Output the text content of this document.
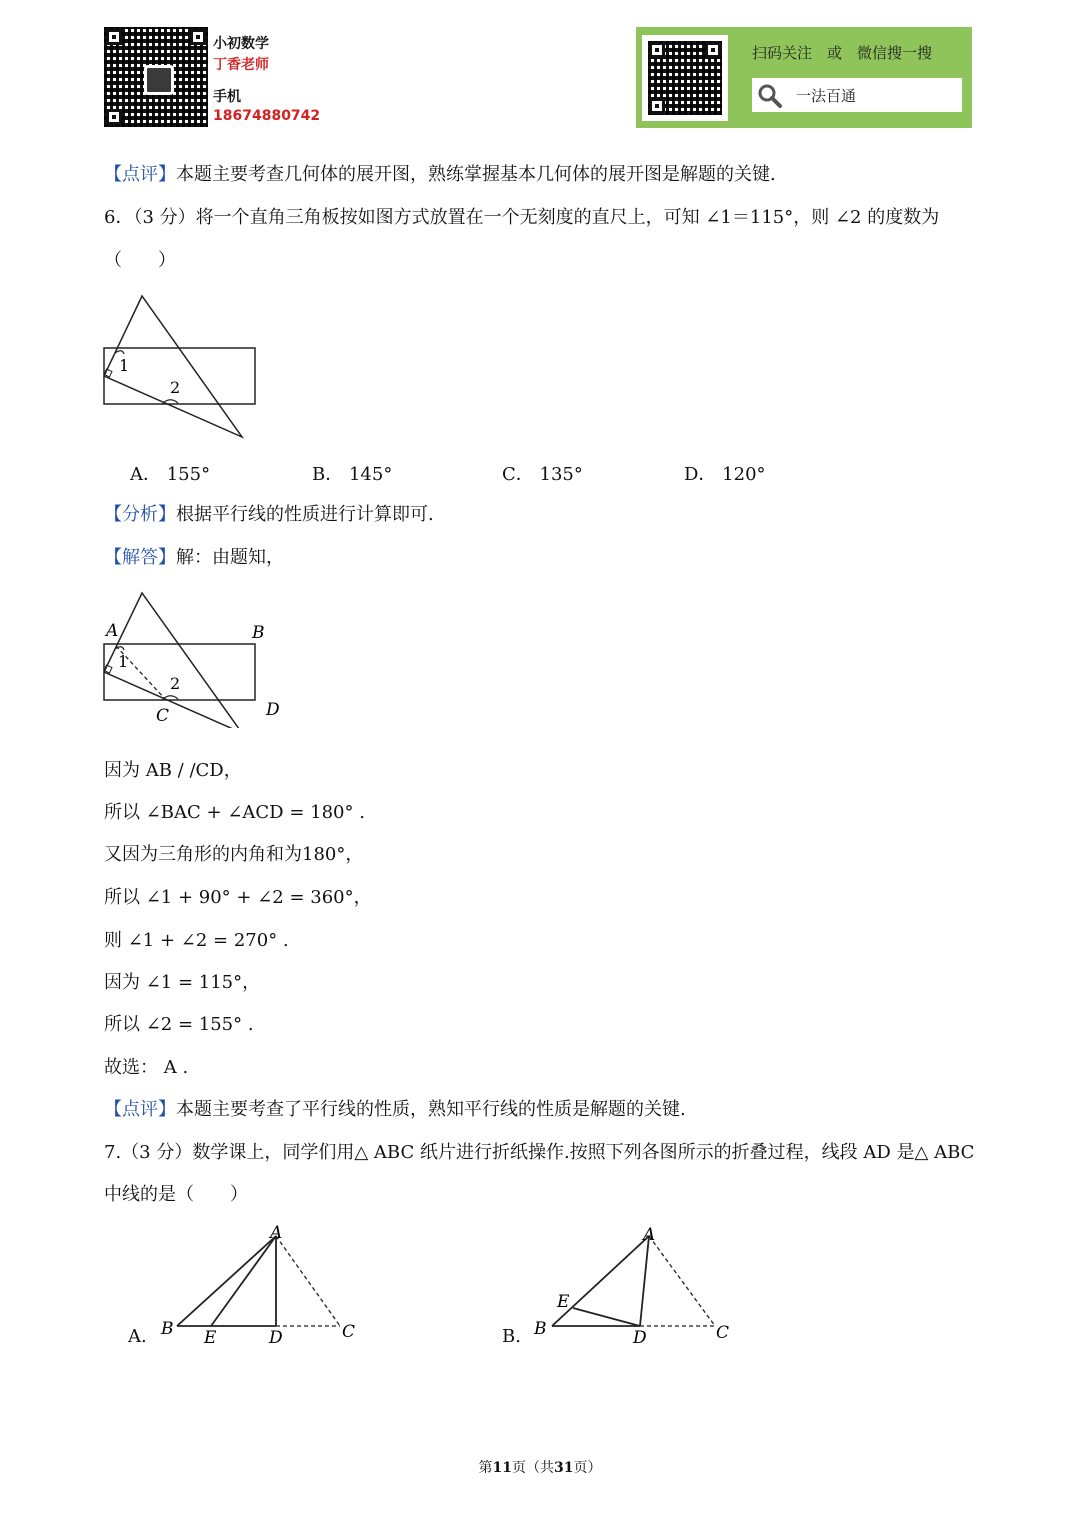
小初数学
丁香老师
手机
18674880742
扫码关注　或　微信搜一搜
一法百通
【点评】本题主要考查几何体的展开图，熟练掌握基本几何体的展开图是解题的关键.
6．（3 分）将一个直角三角板按如图方式放置在一个无刻度的直尺上，可知 ∠1＝115°，则 ∠2 的度数为
（　　）
1
2
A． 155°	B． 145°	C． 135°	D． 120°
【分析】根据平行线的性质进行计算即可.
【解答】解：由题知，
A	B
C	D
1
2
因为 AB / /CD，
所以 ∠BAC + ∠ACD = 180° .
又因为三角形的内角和为180°，
所以 ∠1 + 90° + ∠2 = 360°，
则 ∠1 + ∠2 = 270° .
因为 ∠1 = 115°，
所以 ∠2 = 155° .
故选： A .
【点评】本题主要考查了平行线的性质，熟知平行线的性质是解题的关键.
7.（3 分）数学课上，同学们用△ ABC 纸片进行折纸操作.按照下列各图所示的折叠过程，线段 AD 是△ ABC
中线的是（　　）
A.
A
B E	D	C	B.
A
B
E
D	C
第11页（共31页）
